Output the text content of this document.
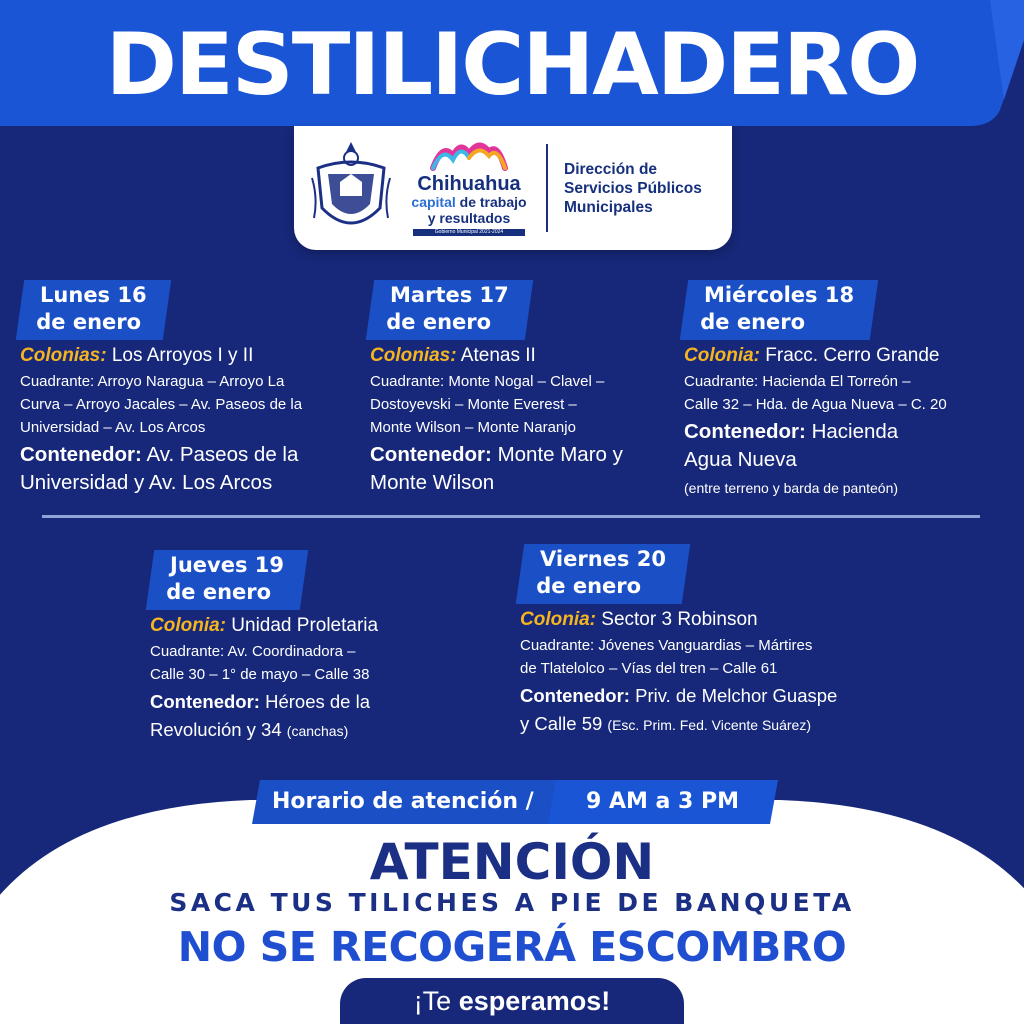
DESTILICHADERO
Chihuahua
capital de trabajo
y resultados
Gobierno Municipal 2021-2024
Dirección de
Servicios Públicos
Municipales
Lunes 16
de enero
Colonias: Los Arroyos I y II
Cuadrante: Arroyo Naragua – Arroyo La
Curva – Arroyo Jacales – Av. Paseos de la
Universidad – Av. Los Arcos
Contenedor: Av. Paseos de la
Universidad y Av. Los Arcos
Martes 17
de enero
Colonias: Atenas II
Cuadrante: Monte Nogal – Clavel –
Dostoyevski – Monte Everest –
Monte Wilson – Monte Naranjo
Contenedor: Monte Maro y
Monte Wilson
Miércoles 18
de enero
Colonia: Fracc. Cerro Grande
Cuadrante: Hacienda El Torreón –
Calle 32 – Hda. de Agua Nueva – C. 20
Contenedor: Hacienda
Agua Nueva
(entre terreno y barda de panteón)
Jueves 19
de enero
Colonia: Unidad Proletaria
Cuadrante: Av. Coordinadora –
Calle 30 – 1° de mayo – Calle 38
Contenedor: Héroes de la
Revolución y 34 (canchas)
Viernes 20
de enero
Colonia: Sector 3 Robinson
Cuadrante: Jóvenes Vanguardias – Mártires
de Tlatelolco – Vías del tren – Calle 61
Contenedor: Priv. de Melchor Guaspe
y Calle 59 (Esc. Prim. Fed. Vicente Suárez)
Horario de atención / 9 AM a 3 PM
ATENCIÓN
SACA TUS TILICHES A PIE DE BANQUETA
NO SE RECOGERÁ ESCOMBRO
¡Te esperamos!
